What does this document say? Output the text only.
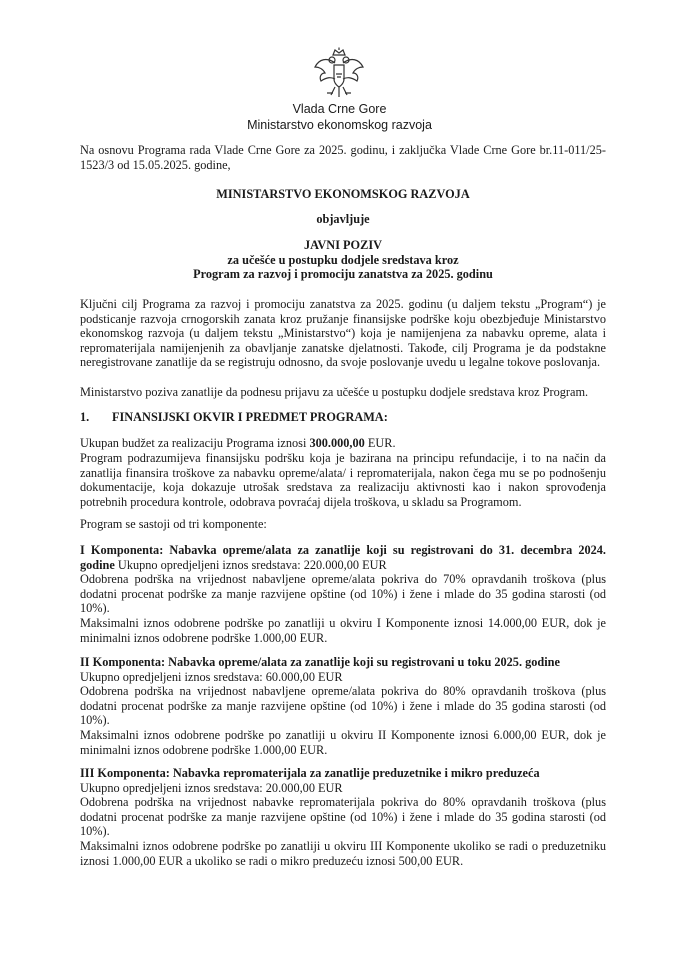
Vlada Crne Gore
Ministarstvo ekonomskog razvoja

Na osnovu Programa rada Vlade Crne Gore za 2025. godinu, i zaključka Vlade Crne Gore br.11-011/25-1523/3 od 15.05.2025. godine,

MINISTARSTVO EKONOMSKOG RAZVOJA

objavljuje

JAVNI POZIV
za učešće u postupku dodjele sredstava kroz
Program za razvoj i promociju zanatstva za 2025. godinu

Ključni cilj Programa za razvoj i promociju zanatstva za 2025. godinu (u daljem tekstu „Program“) je podsticanje razvoja crnogorskih zanata kroz pružanje finansijske podrške koju obezbjeđuje Ministarstvo ekonomskog razvoja (u daljem tekstu „Ministarstvo“) koja je namijenjena za nabavku opreme, alata i repromaterijala namijenjenih za obavljanje zanatske djelatnosti. Takođe, cilj Programa je da podstakne neregistrovane zanatlije da se registruju odnosno, da svoje poslovanje uvedu u legalne tokove poslovanja.

Ministarstvo poziva zanatlije da podnesu prijavu za učešće u postupku dodjele sredstava kroz Program.

1. FINANSIJSKI OKVIR I PREDMET PROGRAMA:

Ukupan budžet za realizaciju Programa iznosi 300.000,00 EUR.

Program podrazumijeva finansijsku podršku koja je bazirana na principu refundacije, i to na način da zanatlija finansira troškove za nabavku opreme/alata/ i repromaterijala, nakon čega mu se po podnošenju dokumentacije, koja dokazuje utrošak sredstava za realizaciju aktivnosti kao i nakon sprovođenja potrebnih procedura kontrole, odobrava povraćaj dijela troškova, u skladu sa Programom.

Program se sastoji od tri komponente:

I Komponenta: Nabavka opreme/alata za zanatlije koji su registrovani do 31. decembra 2024. godine Ukupno opredjeljeni iznos sredstava: 220.000,00 EUR

Odobrena podrška na vrijednost nabavljene opreme/alata pokriva do 70% opravdanih troškova (plus dodatni procenat podrške za manje razvijene opštine (od 10%) i žene i mlade do 35 godina starosti (od 10%).

Maksimalni iznos odobrene podrške po zanatliji u okviru I Komponente iznosi 14.000,00 EUR, dok je minimalni iznos odobrene podrške 1.000,00 EUR.

II Komponenta: Nabavka opreme/alata za zanatlije koji su registrovani u toku 2025. godine

Ukupno opredjeljeni iznos sredstava: 60.000,00 EUR

Odobrena podrška na vrijednost nabavljene opreme/alata pokriva do 80% opravdanih troškova (plus dodatni procenat podrške za manje razvijene opštine (od 10%) i žene i mlade do 35 godina starosti (od 10%).

Maksimalni iznos odobrene podrške po zanatliji u okviru II Komponente iznosi 6.000,00 EUR, dok je minimalni iznos odobrene podrške 1.000,00 EUR.

III Komponenta: Nabavka repromaterijala za zanatlije preduzetnike i mikro preduzeća

Ukupno opredjeljeni iznos sredstava: 20.000,00 EUR

Odobrena podrška na vrijednost nabavke repromaterijala pokriva do 80% opravdanih troškova (plus dodatni procenat podrške za manje razvijene opštine (od 10%) i žene i mlade do 35 godina starosti (od 10%).

Maksimalni iznos odobrene podrške po zanatliji u okviru III Komponente ukoliko se radi o preduzetniku iznosi 1.000,00 EUR a ukoliko se radi o mikro preduzeću iznosi 500,00 EUR.
